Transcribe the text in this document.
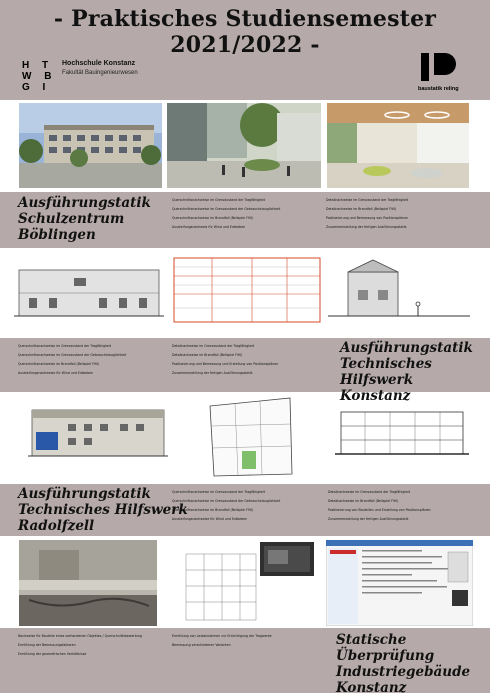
- Praktisches Studiensemester 2021/2022 -
H T
W B
G I
Hochschule Konstanz
Fakultät Bauingenieurwesen
baustatik reling
Ausführungstatik
Schulzentrum
Böblingen
Querschnittsnachweise im Grenzzustand der Tragfähigkeit
Querschnittsnachweise im Grenzzustand der Gebrauchstauglichkeit
Querschnittsnachweise im Brandfall (Beilspiel F90)
Aussteifungsnachweis für Wind und Erdbeben
Detailnachweise im Grenzzustand der Tragfähigkeit
Detailnachweise im Brandfall (Beilspiel F90)
Positionierung und Bemessung von Positionsplänen
Zusammenstellung der fertigen Ausführungsstatik
Querschnittsnachweise im Grenzzustand der Tragfähigkeit
Querschnittsnachweise im Grenzzustand der Gebrauchstauglichkeit
Querschnittsnachweise im Brandfall (Beilspiel F90)
Aussteifungsnachweise für Wind und Erdbeben
Detailnachweise im Grenzzustand der Tragfähigkeit
Detailnachweise im Brandfall (Beilspiel F90)
Positionierung und Bemessung und Erstellung von Positionsplänen
Zusammenstellung der fertigen Ausführungsstatik
Ausführungstatik
Technisches Hilfswerk
Konstanz
Ausführungstatik
Technisches Hilfswerk
Radolfzell
Querschnittsnachweise im Grenzzustand der Tragfähigkeit
Querschnittsnachweise im Grenzzustand der Gebrauchstauglichkeit
Querschnittsnachweise im Brandfall (Beilspiel F90)
Aussteifungsnachweise für Wind und Erdbeben
Detailnachweise im Grenzzustand der Tragfähigkeit
Detailnachweise im Brandfall (Beilspiel F90)
Positionierung von Bauteilen und Erstellung von Positionsplänen
Zusammenstellung der fertigen Ausführungsstatik
Nachweise für Bauteile eines vorhandenen Objektes / Querschnittsbewertung
Ermittlung der Bemessungsfaktoren
Ermittlung der geometrischen Verhältnisse
Ermittlung von Lastannahmen zur Ertüchtigung der Tragwerke
Bemessung verschiedener Varianten	Statische Überprüfung
Industriegebäude
Konstanz
